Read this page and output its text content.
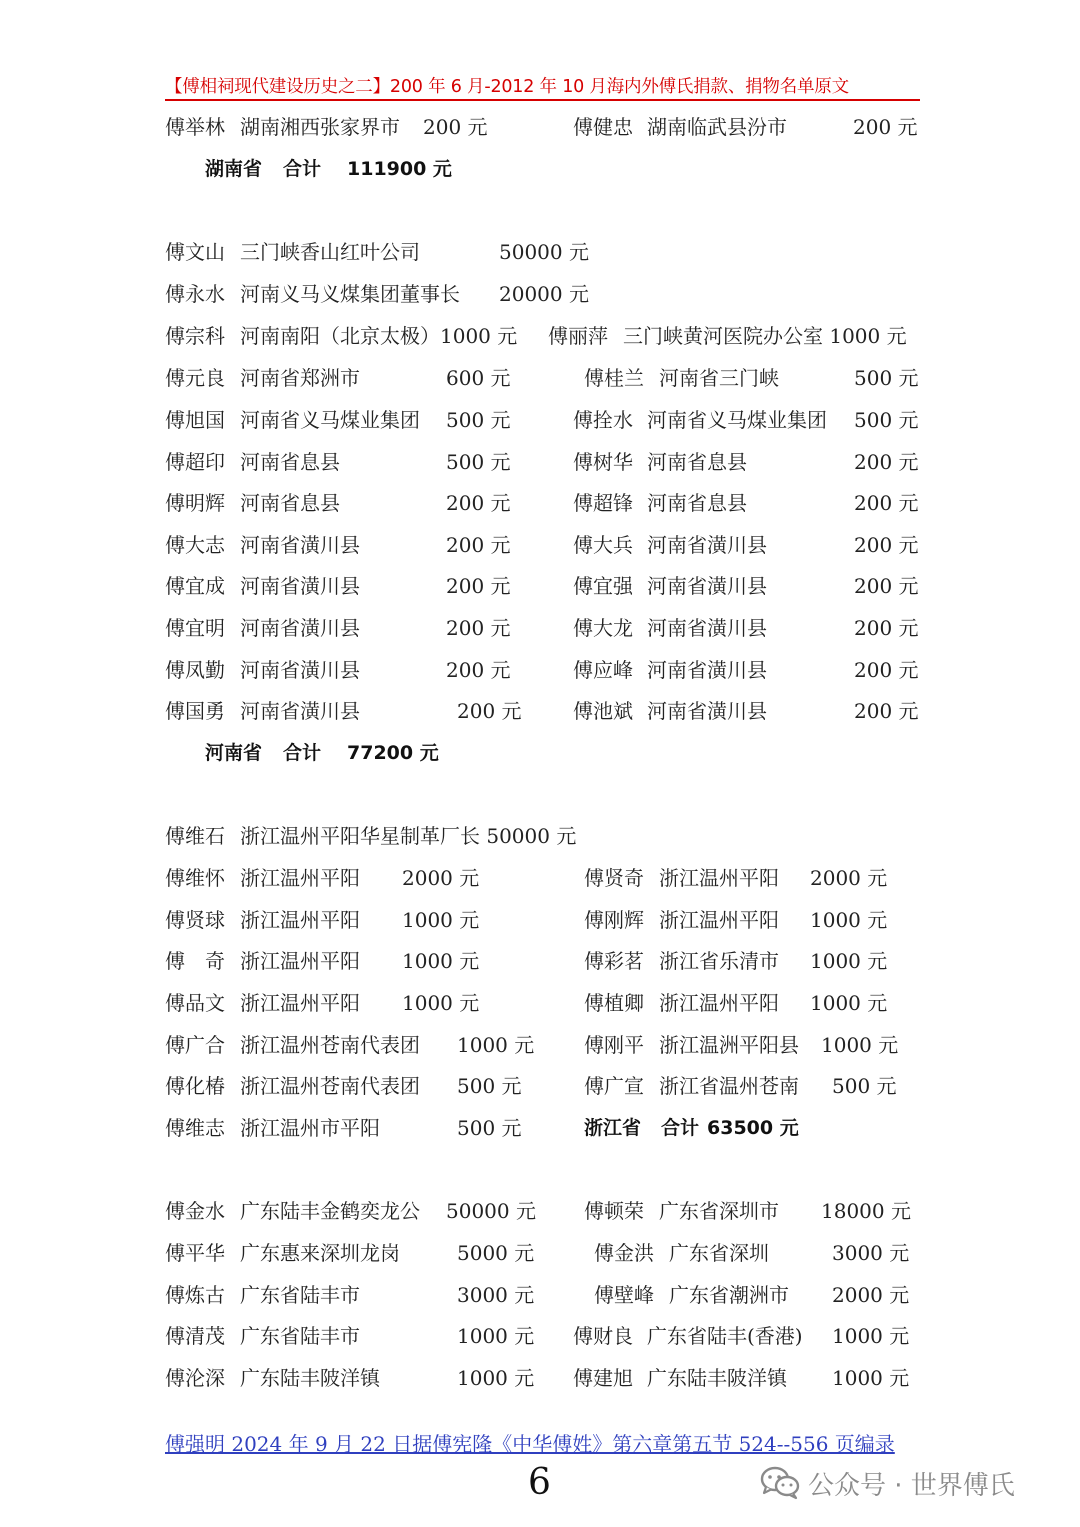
【傅相祠现代建设历史之二】200 年 6 月-2012 年 10 月海内外傅氏捐款、捐物名单原文
傅举林 湖南湘西张家界市 200 元	傅健忠 湖南临武县汾市	200 元
湖南省 合计 111900 元
傅文山 三门峡香山红叶公司	50000 元
傅永水 河南义马义煤集团董事长 20000 元
傅宗科 河南南阳（北京太极）1000 元 傅丽萍 三门峡黄河医院办公室 1000 元
傅元良 河南省郑洲市	600 元	傅桂兰 河南省三门峡	500 元
傅旭国 河南省义马煤业集团 500 元	傅拴水 河南省义马煤业集团 500 元
傅超印 河南省息县	500 元	傅树华 河南省息县	200 元
傅明辉 河南省息县	200 元	傅超锋 河南省息县	200 元
傅大志 河南省潢川县	200 元	傅大兵 河南省潢川县	200 元
傅宜成 河南省潢川县	200 元	傅宜强 河南省潢川县	200 元
傅宜明 河南省潢川县	200 元	傅大龙 河南省潢川县	200 元
傅凤勤 河南省潢川县	200 元	傅应峰 河南省潢川县	200 元
傅国勇 河南省潢川县	200 元	傅池斌 河南省潢川县	200 元
河南省 合计 77200 元
傅维石 浙江温州平阳华星制革厂长 50000 元
傅维怀 浙江温州平阳 2000 元	傅贤奇 浙江温州平阳 2000 元
傅贤球 浙江温州平阳 1000 元	傅刚辉 浙江温州平阳 1000 元
傅　奇 浙江温州平阳 1000 元	傅彩茗 浙江省乐清市 1000 元
傅品文 浙江温州平阳 1000 元	傅植卿 浙江温州平阳 1000 元
傅广合 浙江温州苍南代表团 1000 元 傅刚平 浙江温洲平阳县 1000 元
傅化椿 浙江温州苍南代表团 500 元	傅广宣 浙江省温州苍南 500 元
傅维志 浙江温州市平阳	500 元	浙江省 合计 63500 元
傅金水 广东陆丰金鹤奕龙公 50000 元 傅顿荣 广东省深圳市 18000 元
傅平华 广东惠来深圳龙岗	5000 元	傅金洪 广东省深圳	3000 元
傅炼古 广东省陆丰市	3000 元	傅壁峰 广东省潮洲市 2000 元
傅清茂 广东省陆丰市	1000 元 傅财良 广东省陆丰(香港) 1000 元
傅沦深 广东陆丰陂洋镇	1000 元 傅建旭 广东陆丰陂洋镇 1000 元
傅强明 2024 年 9 月 22 日据傅宪隆《中华傅姓》第六章第五节 524--556 页编录
6	公众号 · 世界傅氏
